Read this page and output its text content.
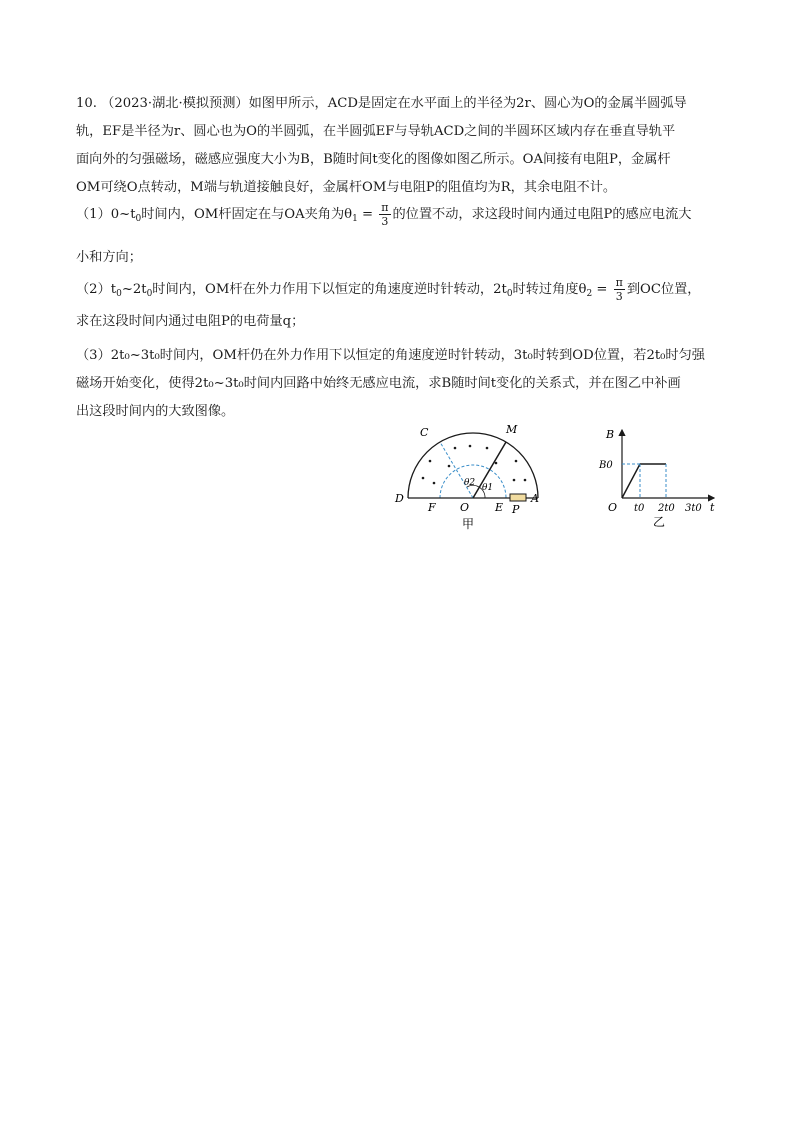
10. （2023·湖北·模拟预测）如图甲所示，ACD是固定在水平面上的半径为2r、圆心为O的金属半圆弧导
轨，EF是半径为r、圆心也为O的半圆弧，在半圆弧EF与导轨ACD之间的半圆环区域内存在垂直导轨平
面向外的匀强磁场，磁感应强度大小为B，B随时间t变化的图像如图乙所示。OA间接有电阻P，金属杆
OM可绕O点转动，M端与轨道接触良好，金属杆OM与电阻P的阻值均为R，其余电阻不计。
$(1)0\sim t_0$时间内，OM杆固定在与OA夹角为$\theta_1 = \frac{\pi}{3}$ 的位置不动，求这段时间内通过电阻P的感应电流大
小和方向；
$(2)t_0\sim 2t_0$时间内，OM杆在外力作用下以恒定的角速度逆时针转动，$2t_0$时转过角度$\theta_2 = \frac{\pi}{3}$ 到OC位置，
求在这段时间内通过电阻P的电荷量q；
（3）2t₀~3t₀时间内，OM杆仍在外力作用下以恒定的角速度逆时针转动，3t₀时转到OD位置，若2t₀时匀强
磁场开始变化，使得2t₀~3t₀时间内回路中始终无感应电流，求B随时间t变化的关系式，并在图乙中补画
出这段时间内的大致图像。
C	M
D
F O E P
A
θ2 θ1
甲
B
B0
O t0 2t0 3t0 t
乙
